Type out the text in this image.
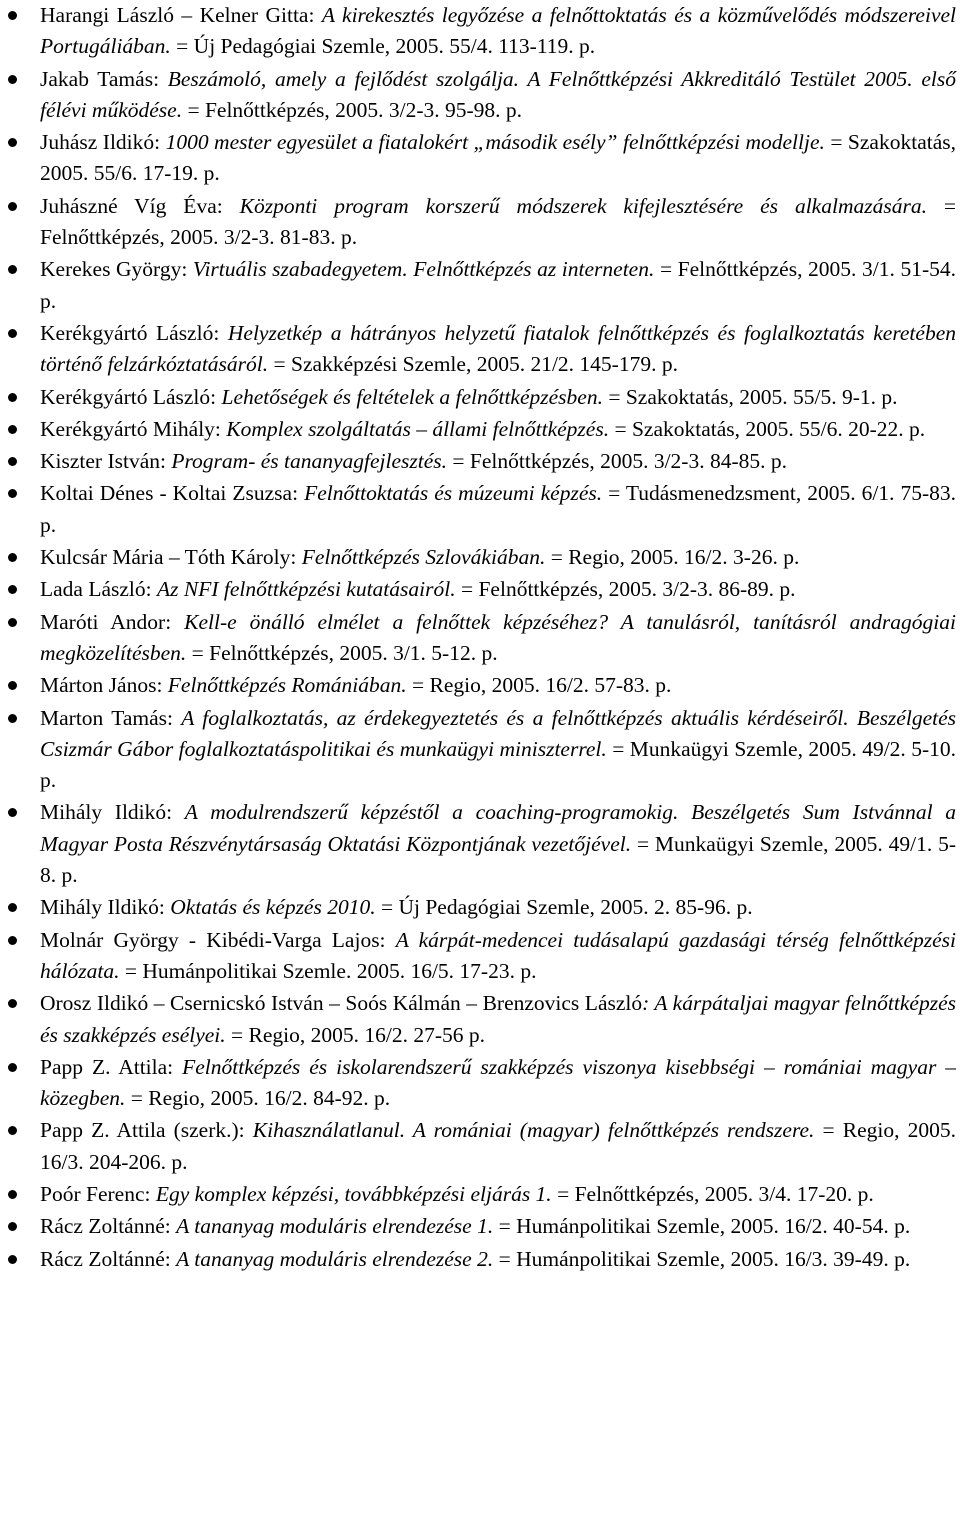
Harangi László – Kelner Gitta: A kirekesztés legyőzése a felnőttoktatás és a közművelődés módszereivel Portugáliában. = Új Pedagógiai Szemle, 2005. 55/4. 113-119. p.
Jakab Tamás: Beszámoló, amely a fejlődést szolgálja. A Felnőttképzési Akkreditáló Testület 2005. első félévi működése. = Felnőttképzés, 2005. 3/2-3. 95-98. p.
Juhász Ildikó: 1000 mester egyesület a fiatalokért „második esély” felnőttképzési modellje. = Szakoktatás, 2005. 55/6. 17-19. p.
Juhászné Víg Éva: Központi program korszerű módszerek kifejlesztésére és alkalmazására. = Felnőttképzés, 2005. 3/2-3. 81-83. p.
Kerekes György: Virtuális szabadegyetem. Felnőttképzés az interneten. = Felnőttképzés, 2005. 3/1. 51-54. p.
Kerékgyártó László: Helyzetkép a hátrányos helyzetű fiatalok felnőttképzés és foglalkoztatás keretében történő felzárkóztatásáról. = Szakképzési Szemle, 2005. 21/2. 145-179. p.
Kerékgyártó László: Lehetőségek és feltételek a felnőttképzésben. = Szakoktatás, 2005. 55/5. 9-1. p.
Kerékgyártó Mihály: Komplex szolgáltatás – állami felnőttképzés. = Szakoktatás, 2005. 55/6. 20-22. p.
Kiszter István: Program- és tananyagfejlesztés. = Felnőttképzés, 2005. 3/2-3. 84-85. p.
Koltai Dénes - Koltai Zsuzsa: Felnőttoktatás és múzeumi képzés. = Tudásmenedzsment, 2005. 6/1. 75-83. p.
Kulcsár Mária – Tóth Károly: Felnőttképzés Szlovákiában. = Regio, 2005. 16/2. 3-26. p.
Lada László: Az NFI felnőttképzési kutatásairól. = Felnőttképzés, 2005. 3/2-3. 86-89. p.
Maróti Andor: Kell-e önálló elmélet a felnőttek képzéséhez? A tanulásról, tanításról andragógiai megközelítésben. = Felnőttképzés, 2005. 3/1. 5-12. p.
Márton János: Felnőttképzés Romániában. = Regio, 2005. 16/2. 57-83. p.
Marton Tamás: A foglalkoztatás, az érdekegyeztetés és a felnőttképzés aktuális kérdéseiről. Beszélgetés Csizmár Gábor foglalkoztatáspolitikai és munkaügyi miniszterrel. = Munkaügyi Szemle, 2005. 49/2. 5-10. p.
Mihály Ildikó: A modulrendszerű képzéstől a coaching-programokig. Beszélgetés Sum Istvánnal a Magyar Posta Részvénytársaság Oktatási Központjának vezetőjével. = Munkaügyi Szemle, 2005. 49/1. 5-8. p.
Mihály Ildikó: Oktatás és képzés 2010. = Új Pedagógiai Szemle, 2005. 2. 85-96. p.
Molnár György - Kibédi-Varga Lajos: A kárpát-medencei tudásalapú gazdasági térség felnőttképzési hálózata. = Humánpolitikai Szemle. 2005. 16/5. 17-23. p.
Orosz Ildikó – Csernicskó István – Soós Kálmán – Brenzovics László: A kárpátaljai magyar felnőttképzés és szakképzés esélyei. = Regio, 2005. 16/2. 27-56 p.
Papp Z. Attila: Felnőttképzés és iskolarendszerű szakképzés viszonya kisebbségi – romániai magyar – közegben. = Regio, 2005. 16/2. 84-92. p.
Papp Z. Attila (szerk.): Kihasználatlanul. A romániai (magyar) felnőttképzés rendszere. = Regio, 2005. 16/3. 204-206. p.
Poór Ferenc: Egy komplex képzési, továbbképzési eljárás 1. = Felnőttképzés, 2005. 3/4. 17-20. p.
Rácz Zoltánné: A tananyag moduláris elrendezése 1. = Humánpolitikai Szemle, 2005. 16/2. 40-54. p.
Rácz Zoltánné: A tananyag moduláris elrendezése 2. = Humánpolitikai Szemle, 2005. 16/3. 39-49. p.
